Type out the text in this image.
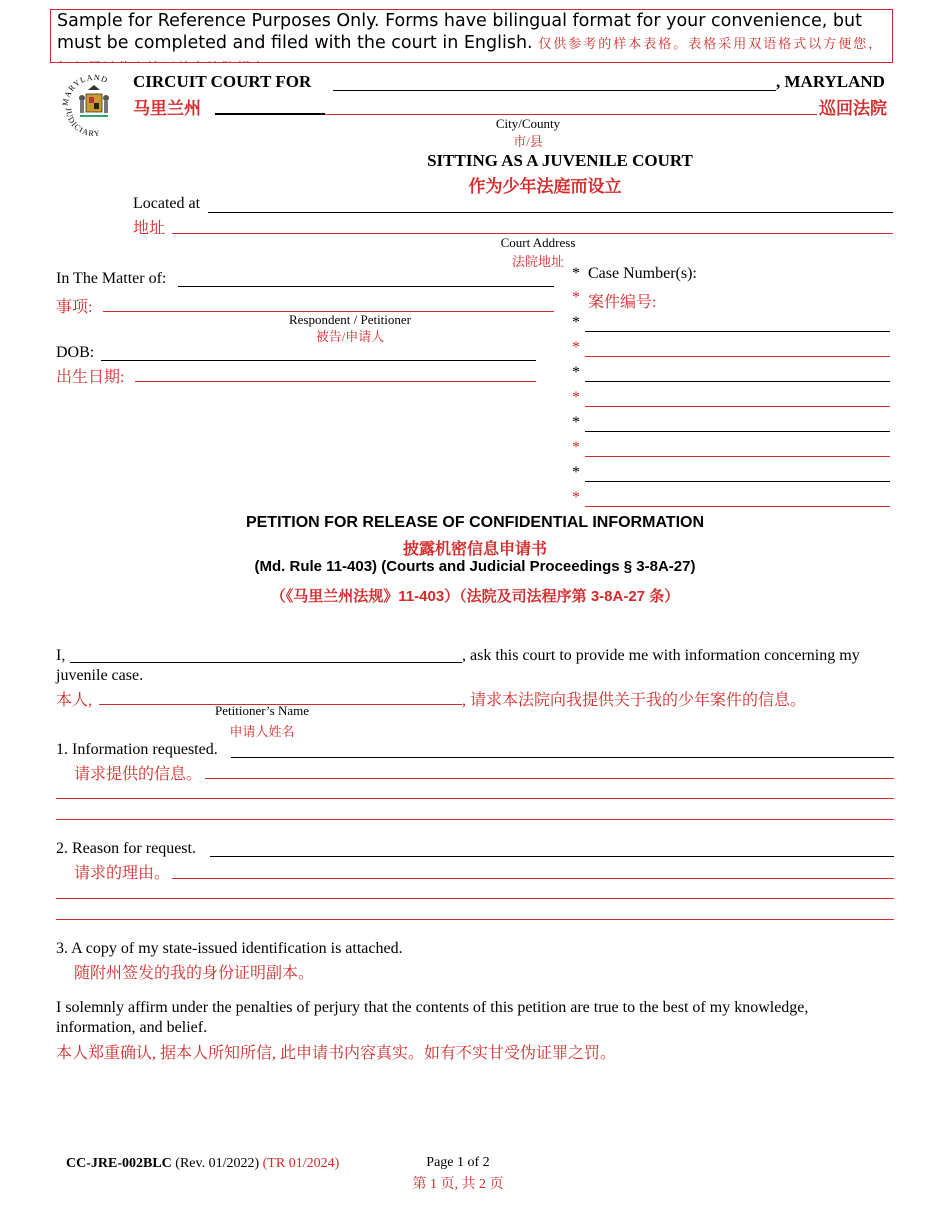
Sample for Reference Purposes Only. Forms have bilingual format for your convenience, but must be completed and filed with the court in English. 仅供参考的样本表格。表格采用双语格式以方便您，
MARYLAND
JUDICIARY
CIRCUIT COURT FOR	, MARYLAND
马里兰州	巡回法院
City/County
市/县
SITTING AS A JUVENILE COURT
作为少年法庭而设立
Located at
地址
Court Address
法院地址
In The Matter of:
事项:
Respondent / Petitioner
被告/申请人
DOB:
出生日期:
* Case Number(s):
* 案件编号:
*
*
*
*
*
*
*
*
PETITION FOR RELEASE OF CONFIDENTIAL INFORMATION
披露机密信息申请书
(Md. Rule 11-403) (Courts and Judicial Proceedings § 3-8A-27)
（《马里兰州法规》11-403）（法院及司法程序第 3-8A-27 条）
I,	, ask this court to provide me with information concerning my
juvenile case.
本人,	, 请求本法院向我提供关于我的少年案件的信息。
Petitioner’s Name
申请人姓名
1. Information requested.
请求提供的信息。
2. Reason for request.
请求的理由。
3. A copy of my state-issued identification is attached.
随附州签发的我的身份证明副本。
I solemnly affirm under the penalties of perjury that the contents of this petition are true to the best of my knowledge,
information, and belief.
本人郑重确认, 据本人所知所信, 此申请书内容真实。如有不实甘受伪证罪之罚。
CC-JRE-002BLC (Rev. 01/2022) (TR 01/2024)	Page 1 of 2
第 1 页, 共 2 页
